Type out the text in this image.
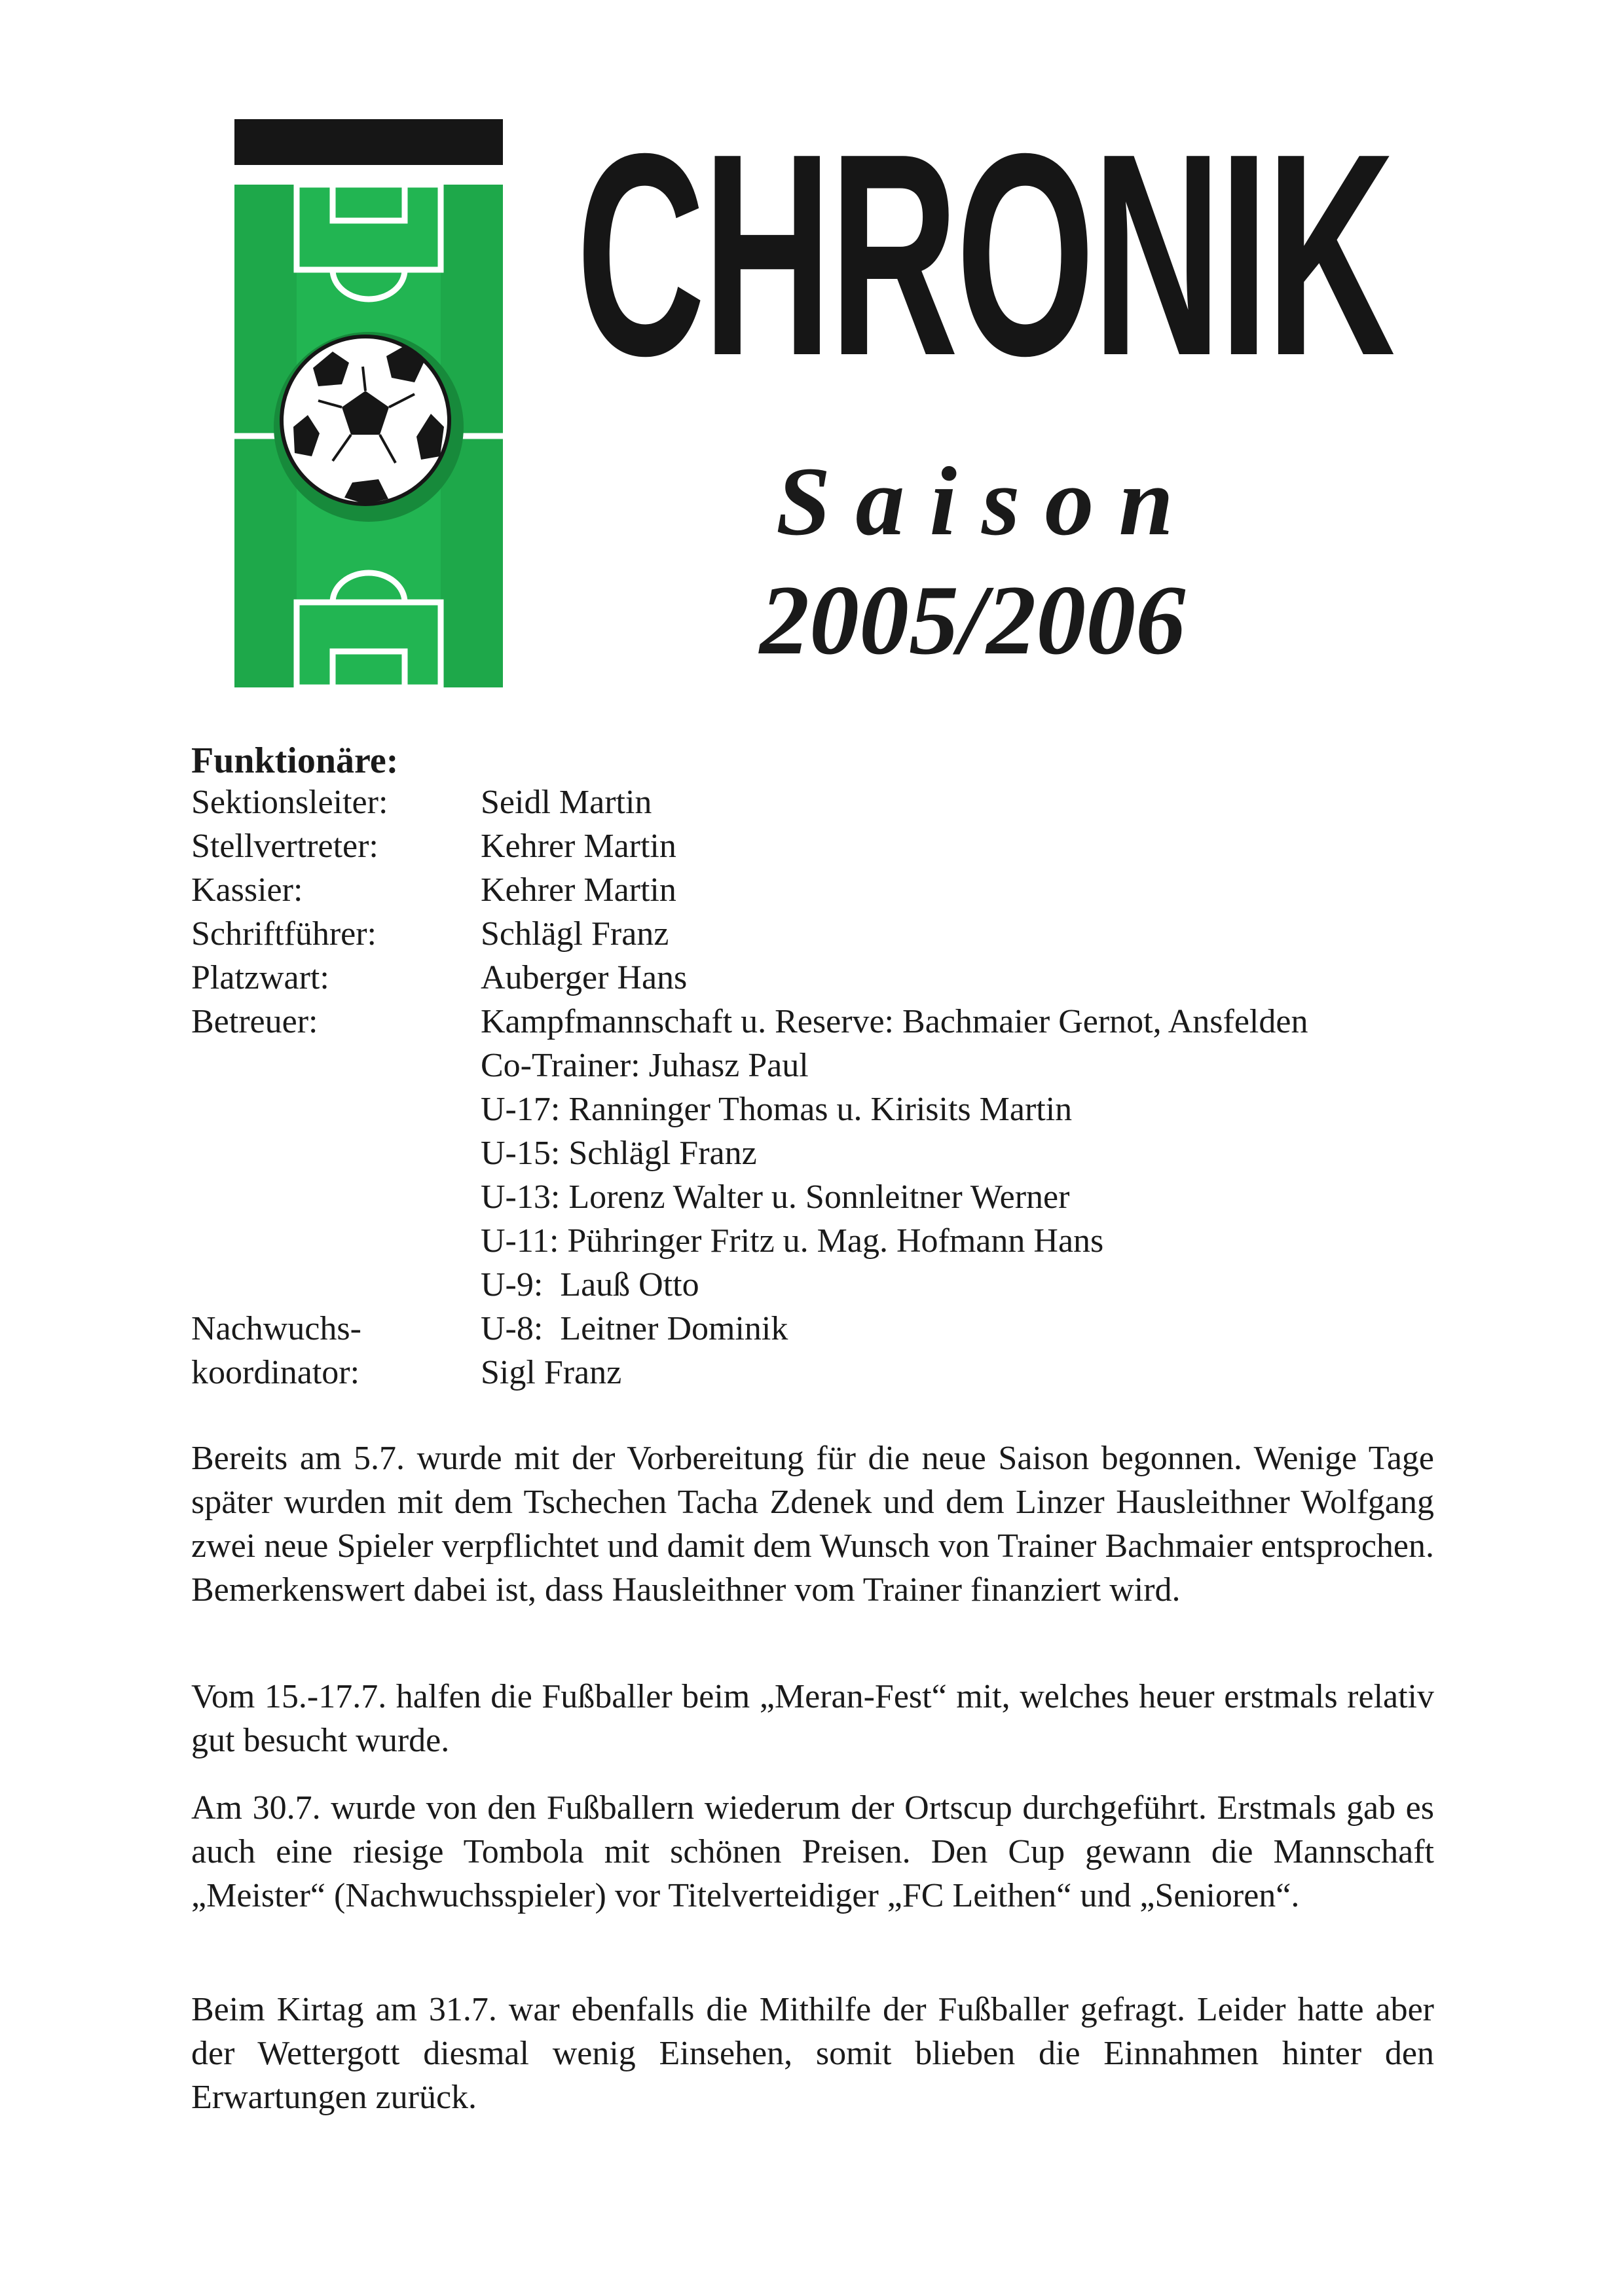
CHRONIK
Saison
2005/2006
Funktionäre:
Sektionsleiter:	Seidl Martin
Stellvertreter:	Kehrer Martin
Kassier:	Kehrer Martin
Schriftführer:	Schlägl Franz
Platzwart:	Auberger Hans
Betreuer:	Kampfmannschaft u. Reserve: Bachmaier Gernot, Ansfelden
Co-Trainer: Juhasz Paul
U-17: Ranninger Thomas u. Kirisits Martin
U-15: Schlägl Franz
U-13: Lorenz Walter u. Sonnleitner Werner
U-11: Pühringer Fritz u. Mag. Hofmann Hans
U-9:  Lauß Otto
Nachwuchs-	U-8:  Leitner Dominik
koordinator:	Sigl Franz

Bereits am 5.7. wurde mit der Vorbereitung für die neue Saison begonnen. Wenige Tage später wurden mit dem Tschechen Tacha Zdenek und dem Linzer Hausleithner Wolfgang zwei neue Spieler verpflichtet und damit dem Wunsch von Trainer Bachmaier entsprochen. Bemerkenswert dabei ist, dass Hausleithner vom Trainer finanziert wird.

Vom 15.-17.7. halfen die Fußballer beim „Meran-Fest“ mit, welches heuer erstmals relativ gut besucht wurde.

Am 30.7. wurde von den Fußballern wiederum der Ortscup durchgeführt. Erstmals gab es auch eine riesige Tombola mit schönen Preisen. Den Cup gewann die Mannschaft „Meister“ (Nachwuchsspieler) vor Titelverteidiger „FC Leithen“ und „Senioren“.

Beim Kirtag am 31.7. war ebenfalls die Mithilfe der Fußballer gefragt. Leider hatte aber der Wettergott diesmal wenig Einsehen, somit blieben die Einnahmen hinter den Erwartungen zurück.
